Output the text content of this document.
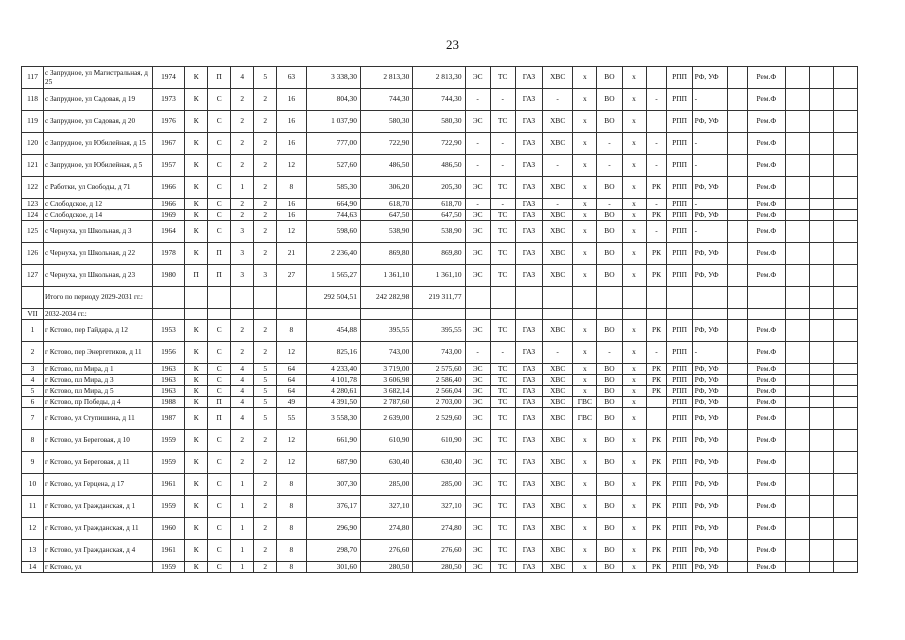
23
117	с Запрудное, ул Магистральная, д 25	1974	К	П	4	5	63	3 338,30	2 813,30	2 813,30	ЭС	ТС	ГАЗ	ХВС	х	ВО	х		РПП	РФ, УФ		Рем.Ф			
118	с Запрудное, ул Садовая, д 19	1973	К	С	2	2	16	804,30	744,30	744,30	-	-	ГАЗ	-	х	ВО	х	-	РПП	-		Рем.Ф			
119	с Запрудное, ул Садовая, д 20	1976	К	С	2	2	16	1 037,90	580,30	580,30	ЭС	ТС	ГАЗ	ХВС	х	ВО	х		РПП	РФ, УФ		Рем.Ф			
120	с Запрудное, ул Юбилейная, д 15	1967	К	С	2	2	16	777,00	722,90	722,90	-	-	ГАЗ	ХВС	х	-	х	-	РПП	-		Рем.Ф			
121	с Запрудное, ул Юбилейная, д 5	1957	К	С	2	2	12	527,60	486,50	486,50	-	-	ГАЗ	-	х	-	х	-	РПП	-		Рем.Ф			
122	с Работки, ул Свободы, д 71	1966	К	С	1	2	8	585,30	306,20	205,30	ЭС	ТС	ГАЗ	ХВС	х	ВО	х	РК	РПП	РФ, УФ		Рем.Ф			
123	с Слободское, д 12	1966	К	С	2	2	16	664,90	618,70	618,70	-	-	ГАЗ	-	х	-	х	-	РПП	-		Рем.Ф			
124	с Слободское, д 14	1969	К	С	2	2	16	744,63	647,50	647,50	ЭС	ТС	ГАЗ	ХВС	х	ВО	х	РК	РПП	РФ, УФ		Рем.Ф			
125	с Чернуха, ул Школьная, д 3	1964	К	С	3	2	12	598,60	538,90	538,90	ЭС	ТС	ГАЗ	ХВС	х	ВО	х	-	РПП	-		Рем.Ф			
126	с Чернуха, ул Школьная, д 22	1978	К	П	3	2	21	2 236,40	869,80	869,80	ЭС	ТС	ГАЗ	ХВС	х	ВО	х	РК	РПП	РФ, УФ		Рем.Ф			
127	с Чернуха, ул Школьная, д 23	1980	П	П	3	3	27	1 565,27	1 361,10	1 361,10	ЭС	ТС	ГАЗ	ХВС	х	ВО	х	РК	РПП	РФ, УФ		Рем.Ф			
	Итого по периоду 2029-2031 гг.:							292 504,51	242 282,98	219 311,77															
VII	2032-2034 гг.:																								
1	г Кстово, пер Гайдара, д 12	1953	К	С	2	2	8	454,88	395,55	395,55	ЭС	ТС	ГАЗ	ХВС	х	ВО	х	РК	РПП	РФ, УФ		Рем.Ф			
2	г Кстово, пер Энергетиков, д 11	1956	К	С	2	2	12	825,16	743,00	743,00	-	-	ГАЗ	-	х	-	х	-	РПП	-		Рем.Ф			
3	г Кстово, пл Мира, д 1	1963	К	С	4	5	64	4 233,40	3 719,00	2 575,60	ЭС	ТС	ГАЗ	ХВС	х	ВО	х	РК	РПП	РФ, УФ		Рем.Ф			
4	г Кстово, пл Мира, д 3	1963	К	С	4	5	64	4 101,78	3 606,98	2 586,40	ЭС	ТС	ГАЗ	ХВС	х	ВО	х	РК	РПП	РФ, УФ		Рем.Ф			
5	г Кстово, пл Мира, д 5	1963	К	С	4	5	64	4 280,61	3 682,14	2 566,04	ЭС	ТС	ГАЗ	ХВС	х	ВО	х	РК	РПП	РФ, УФ		Рем.Ф			
6	г Кстово, пр Победы, д 4	1988	К	П	4	5	49	4 391,50	2 787,60	2 703,00	ЭС	ТС	ГАЗ	ХВС	ГВС	ВО	х		РПП	РФ, УФ		Рем.Ф			
7	г Кстово, ул Ступишина, д 11	1987	К	П	4	5	55	3 558,30	2 639,00	2 529,60	ЭС	ТС	ГАЗ	ХВС	ГВС	ВО	х		РПП	РФ, УФ		Рем.Ф			
8	г Кстово, ул Береговая, д 10	1959	К	С	2	2	12	661,90	610,90	610,90	ЭС	ТС	ГАЗ	ХВС	х	ВО	х	РК	РПП	РФ, УФ		Рем.Ф			
9	г Кстово, ул Береговая, д 11	1959	К	С	2	2	12	687,90	630,40	630,40	ЭС	ТС	ГАЗ	ХВС	х	ВО	х	РК	РПП	РФ, УФ		Рем.Ф			
10	г Кстово, ул Герцена, д 17	1961	К	С	1	2	8	307,30	285,00	285,00	ЭС	ТС	ГАЗ	ХВС	х	ВО	х	РК	РПП	РФ, УФ		Рем.Ф			
11	г Кстово, ул Гражданская, д 1	1959	К	С	1	2	8	376,17	327,10	327,10	ЭС	ТС	ГАЗ	ХВС	х	ВО	х	РК	РПП	РФ, УФ		Рем.Ф			
12	г Кстово, ул Гражданская, д 11	1960	К	С	1	2	8	296,90	274,80	274,80	ЭС	ТС	ГАЗ	ХВС	х	ВО	х	РК	РПП	РФ, УФ		Рем.Ф			
13	г Кстово, ул Гражданская, д 4	1961	К	С	1	2	8	298,70	276,60	276,60	ЭС	ТС	ГАЗ	ХВС	х	ВО	х	РК	РПП	РФ, УФ		Рем.Ф			
14	г Кстово, ул	1959	К	С	1	2	8	301,60	280,50	280,50	ЭС	ТС	ГАЗ	ХВС	х	ВО	х	РК	РПП	РФ, УФ		Рем.Ф			
